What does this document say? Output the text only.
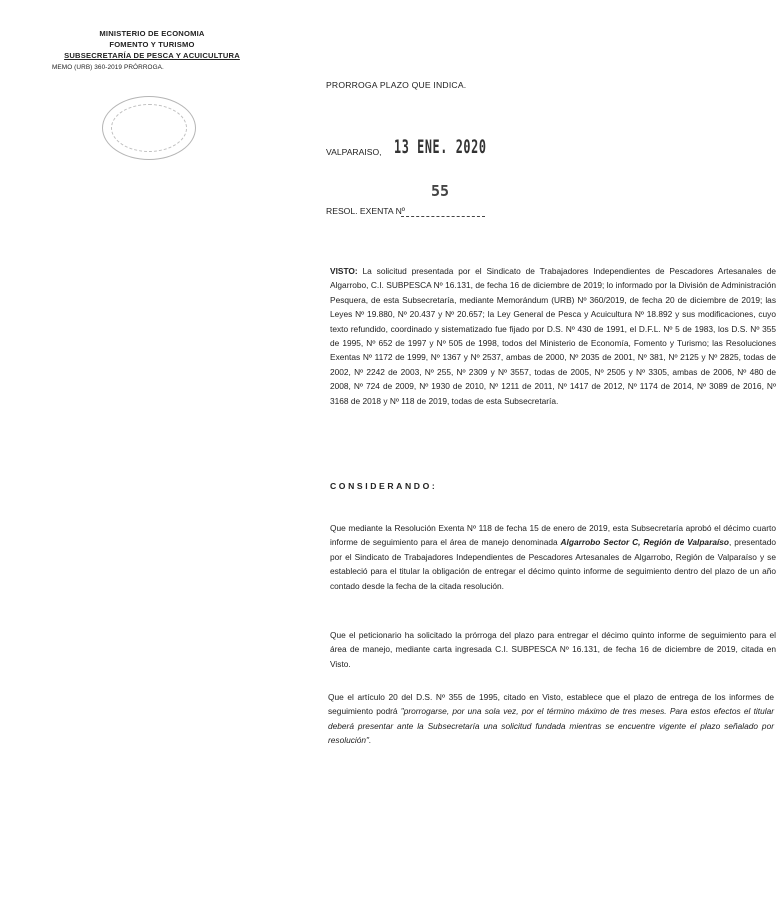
MINISTERIO DE ECONOMIA
FOMENTO Y TURISMO
SUBSECRETARÍA DE PESCA Y ACUICULTURA
MEMO (URB) 360-2019 PRÓRROGA.
PRORROGA PLAZO QUE INDICA.
VALPARAISO, 13 ENE. 2020
55
RESOL. EXENTA Nº
VISTO: La solicitud presentada por el Sindicato de Trabajadores Independientes de Pescadores Artesanales de Algarrobo, C.I. SUBPESCA Nº 16.131, de fecha 16 de diciembre de 2019; lo informado por la División de Administración Pesquera, de esta Subsecretaría, mediante Memorándum (URB) Nº 360/2019, de fecha 20 de diciembre de 2019; las Leyes Nº 19.880, Nº 20.437 y Nº 20.657; la Ley General de Pesca y Acuicultura Nº 18.892 y sus modificaciones, cuyo texto refundido, coordinado y sistematizado fue fijado por D.S. Nº 430 de 1991, el D.F.L. Nº 5 de 1983, los D.S. Nº 355 de 1995, Nº 652 de 1997 y Nº 505 de 1998, todos del Ministerio de Economía, Fomento y Turismo; las Resoluciones Exentas Nº 1172 de 1999, Nº 1367 y Nº 2537, ambas de 2000, Nº 2035 de 2001, Nº 381, Nº 2125 y Nº 2825, todas de 2002, Nº 2242 de 2003, Nº 255, Nº 2309 y Nº 3557, todas de 2005, Nº 2505 y Nº 3305, ambas de 2006, Nº 480 de 2008, Nº 724 de 2009, Nº 1930 de 2010, Nº 1211 de 2011, Nº 1417 de 2012, Nº 1174 de 2014, Nº 3089 de 2016, Nº 3168 de 2018 y Nº 118 de 2019, todas de esta Subsecretaría.
CONSIDERANDO:
Que mediante la Resolución Exenta Nº 118 de fecha 15 de enero de 2019, esta Subsecretaría aprobó el décimo cuarto informe de seguimiento para el área de manejo denominada Algarrobo Sector C, Región de Valparaíso, presentado por el Sindicato de Trabajadores Independientes de Pescadores Artesanales de Algarrobo, Región de Valparaíso y se estableció para el titular la obligación de entregar el décimo quinto informe de seguimiento dentro del plazo de un año contado desde la fecha de la citada resolución.
Que el peticionario ha solicitado la prórroga del plazo para entregar el décimo quinto informe de seguimiento para el área de manejo, mediante carta ingresada C.I. SUBPESCA Nº 16.131, de fecha 16 de diciembre de 2019, citada en Visto.
Que el artículo 20 del D.S. Nº 355 de 1995, citado en Visto, establece que el plazo de entrega de los informes de seguimiento podrá "prorrogarse, por una sola vez, por el término máximo de tres meses. Para estos efectos el titular deberá presentar ante la Subsecretaría una solicitud fundada mientras se encuentre vigente el plazo señalado por resolución".
